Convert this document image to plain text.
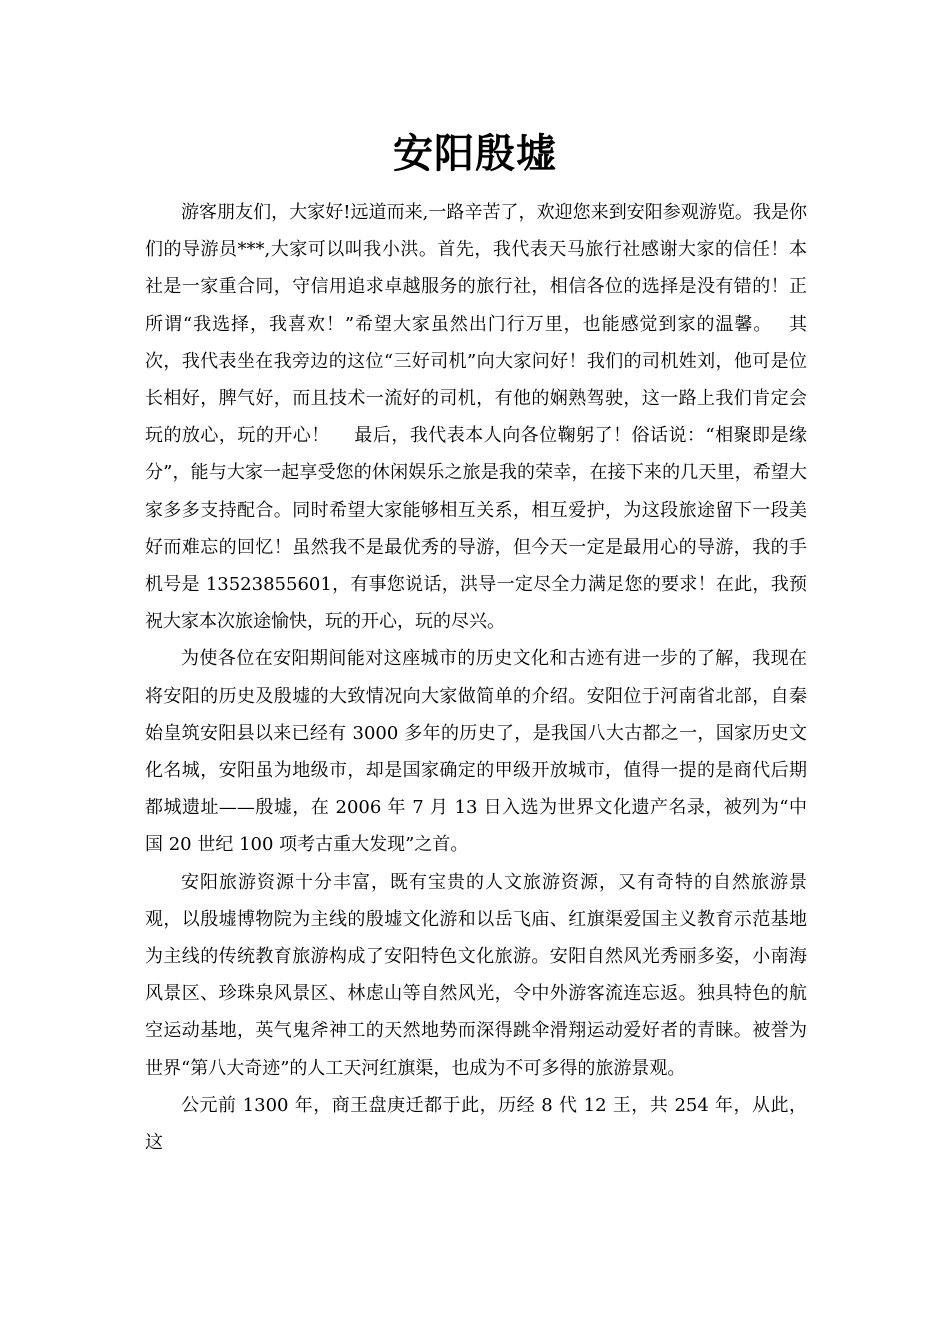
安阳殷墟

游客朋友们，大家好!远道而来,一路辛苦了，欢迎您来到安阳参观游览。我是你们的导游员***,大家可以叫我小洪。首先，我代表天马旅行社感谢大家的信任！本社是一家重合同，守信用追求卓越服务的旅行社，相信各位的选择是没有错的！正所谓“我选择，我喜欢！”希望大家虽然出门行万里，也能感觉到家的温馨。　 其次，我代表坐在我旁边的这位“三好司机”向大家问好！我们的司机姓刘，他可是位长相好，脾气好，而且技术一流好的司机，有他的娴熟驾驶，这一路上我们肯定会玩的放心，玩的开心！　 最后，我代表本人向各位鞠躬了！俗话说：“相聚即是缘分”，能与大家一起享受您的休闲娱乐之旅是我的荣幸，在接下来的几天里，希望大家多多支持配合。同时希望大家能够相互关系，相互爱护，为这段旅途留下一段美好而难忘的回忆！虽然我不是最优秀的导游，但今天一定是最用心的导游，我的手机号是 13523855601，有事您说话，洪导一定尽全力满足您的要求！在此，我预祝大家本次旅途愉快，玩的开心，玩的尽兴。

为使各位在安阳期间能对这座城市的历史文化和古迹有进一步的了解，我现在将安阳的历史及殷墟的大致情况向大家做简单的介绍。安阳位于河南省北部，自秦始皇筑安阳县以来已经有 3000 多年的历史了，是我国八大古都之一，国家历史文化名城，安阳虽为地级市，却是国家确定的甲级开放城市，值得一提的是商代后期都城遗址——殷墟，在 2006 年 7 月 13 日入选为世界文化遗产名录，被列为“中国 20 世纪 100 项考古重大发现”之首。

安阳旅游资源十分丰富，既有宝贵的人文旅游资源，又有奇特的自然旅游景观，以殷墟博物院为主线的殷墟文化游和以岳飞庙、红旗渠爱国主义教育示范基地为主线的传统教育旅游构成了安阳特色文化旅游。安阳自然风光秀丽多姿，小南海风景区、珍珠泉风景区、林虑山等自然风光，令中外游客流连忘返。独具特色的航空运动基地，英气鬼斧神工的天然地势而深得跳伞滑翔运动爱好者的青睐。被誉为世界“第八大奇迹”的人工天河红旗渠，也成为不可多得的旅游景观。

公元前 1300 年，商王盘庚迁都于此，历经 8 代 12 王，共 254 年，从此，这
